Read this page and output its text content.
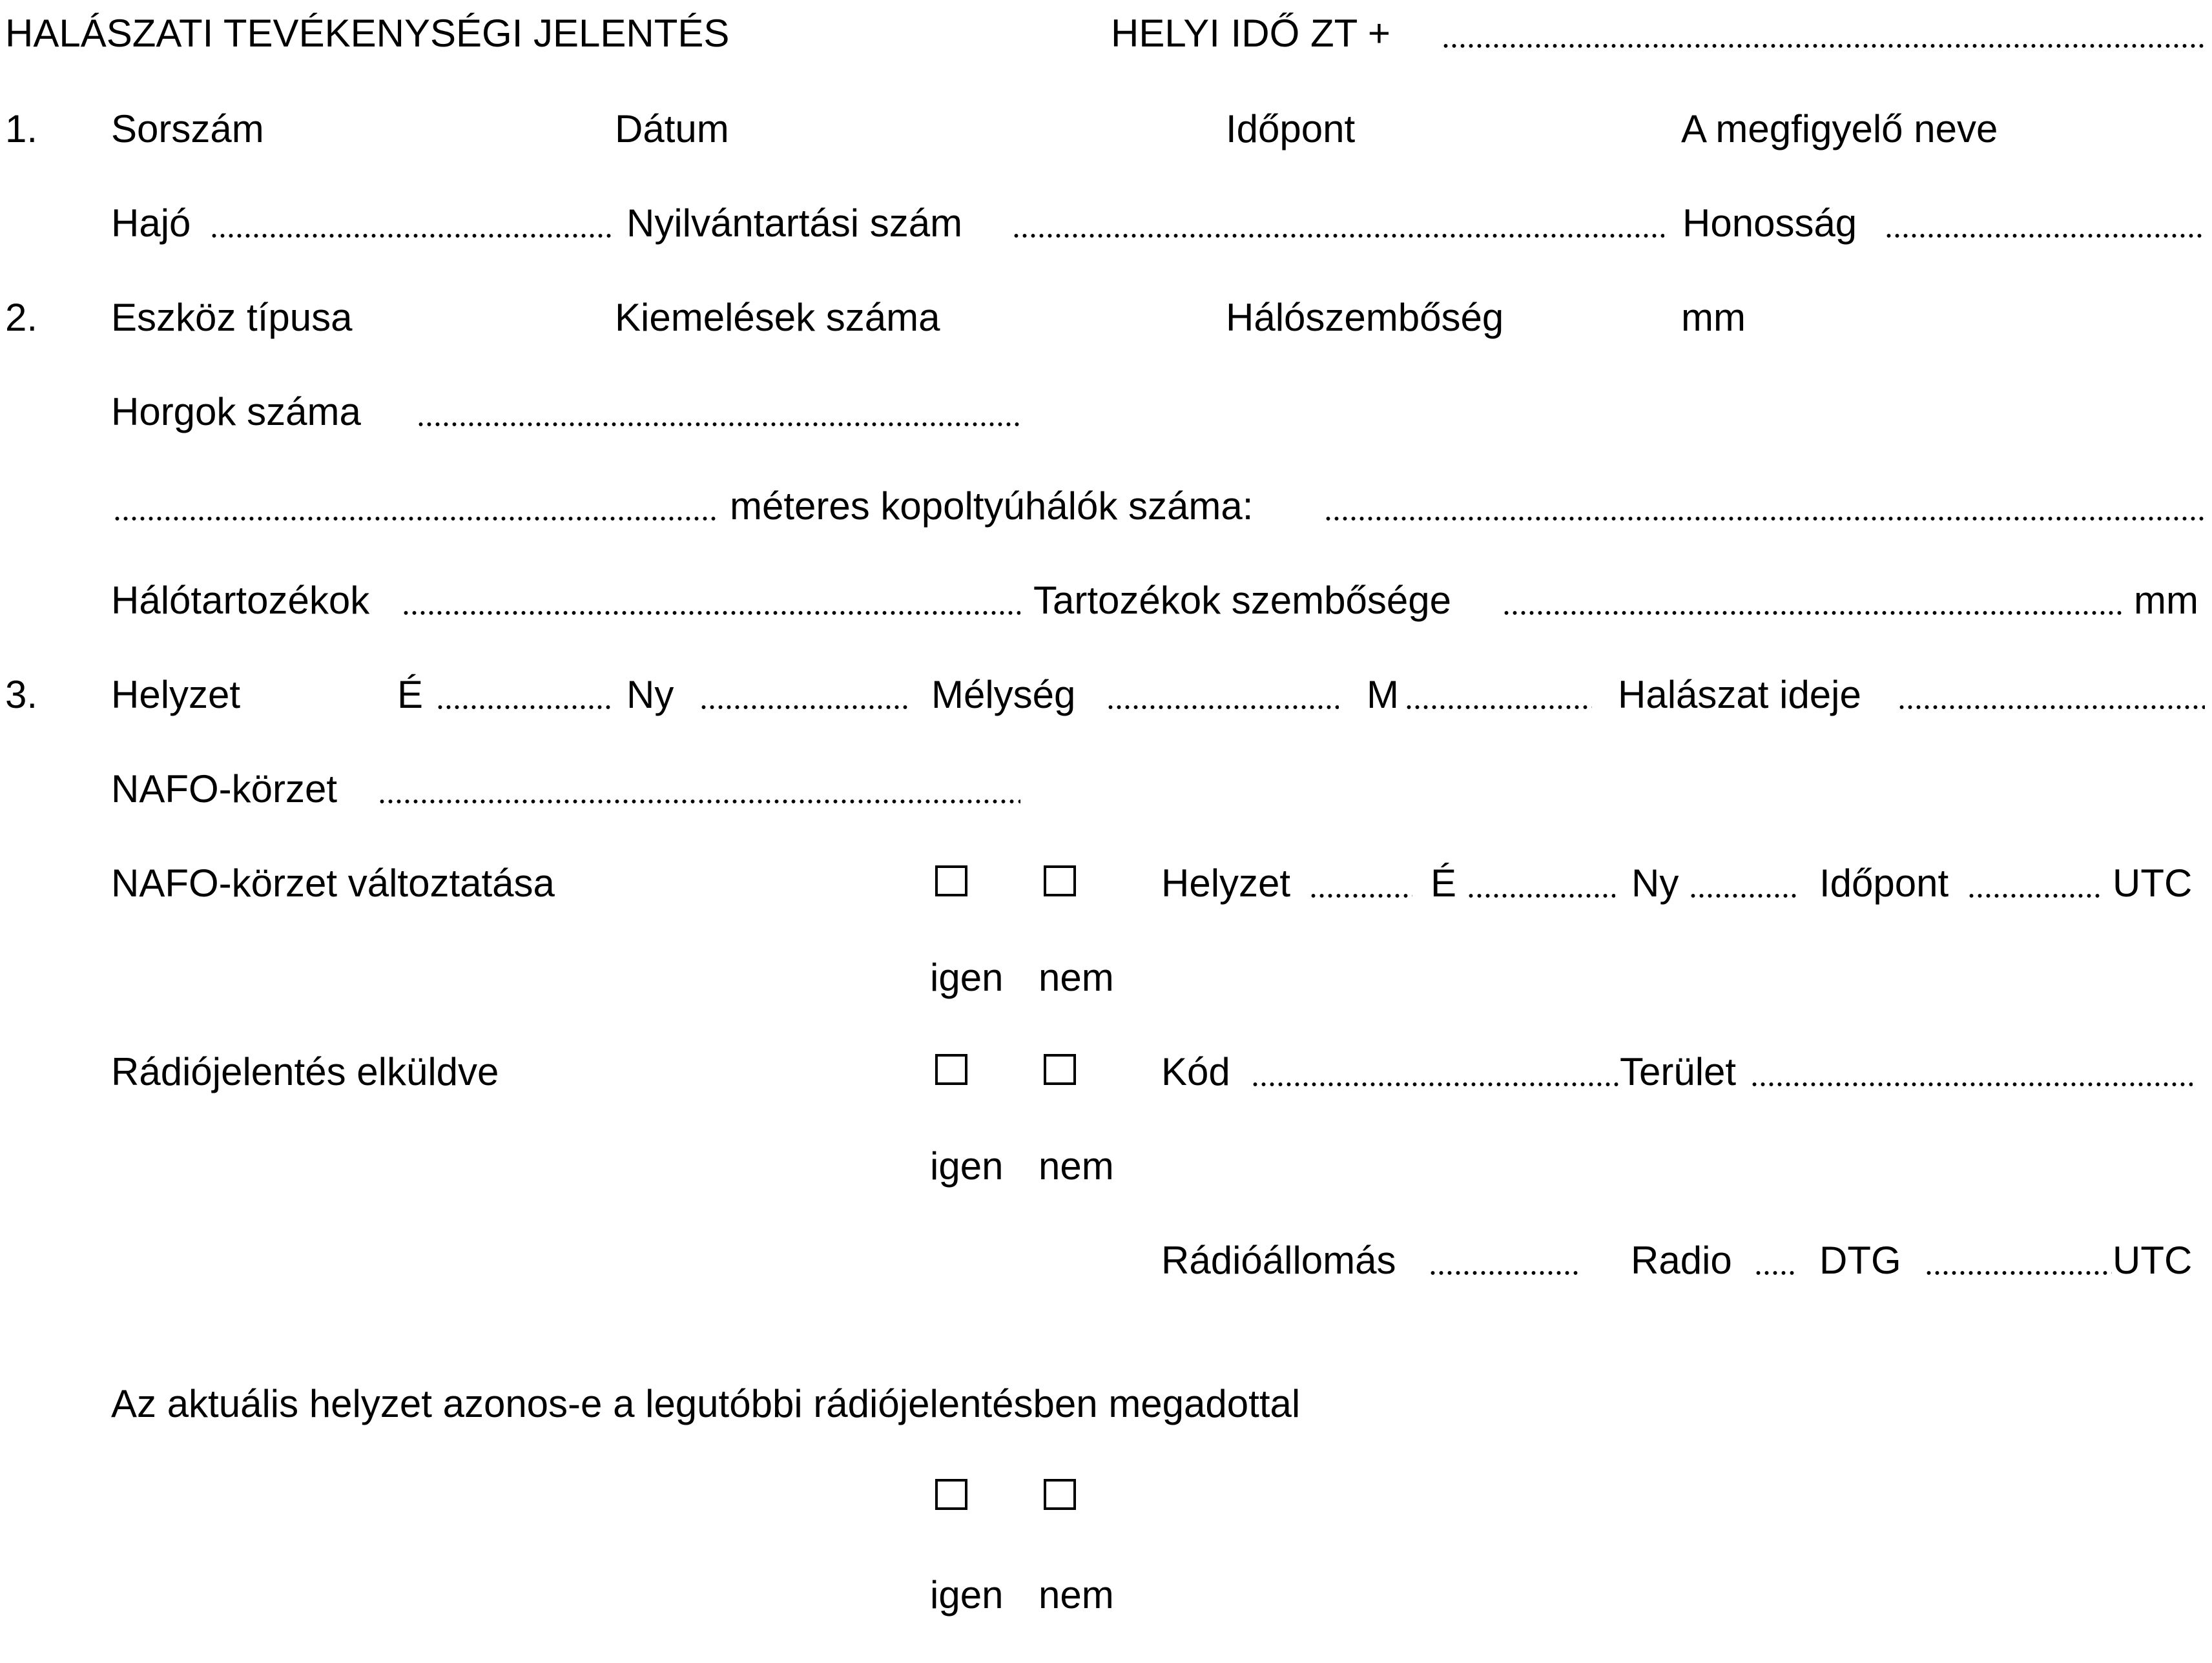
HALÁSZATI TEVÉKENYSÉGI JELENTÉS	HELYI IDŐ ZT +
1. Sorszám	Dátum	Időpont	A megfigyelő neve
Hajó	Nyilvántartási szám	Honosság
2. Eszköz típusa	Kiemelések száma	Hálószembőség	mm
Horgok száma
méteres kopoltyúhálók száma:
Hálótartozékok	Tartozékok szembősége	mm
3. Helyzet	É	Ny	Mélység	M	Halászat ideje
NAFO-körzet
NAFO-körzet változtatása	Helyzet	É	Ny	Időpont	UTC
igen nem
Rádiójelentés elküldve	Kód	Terület
igen nem
Rádióállomás	Radio DTG	UTC
Az aktuális helyzet azonos-e a legutóbbi rádiójelentésben megadottal
igen nem
